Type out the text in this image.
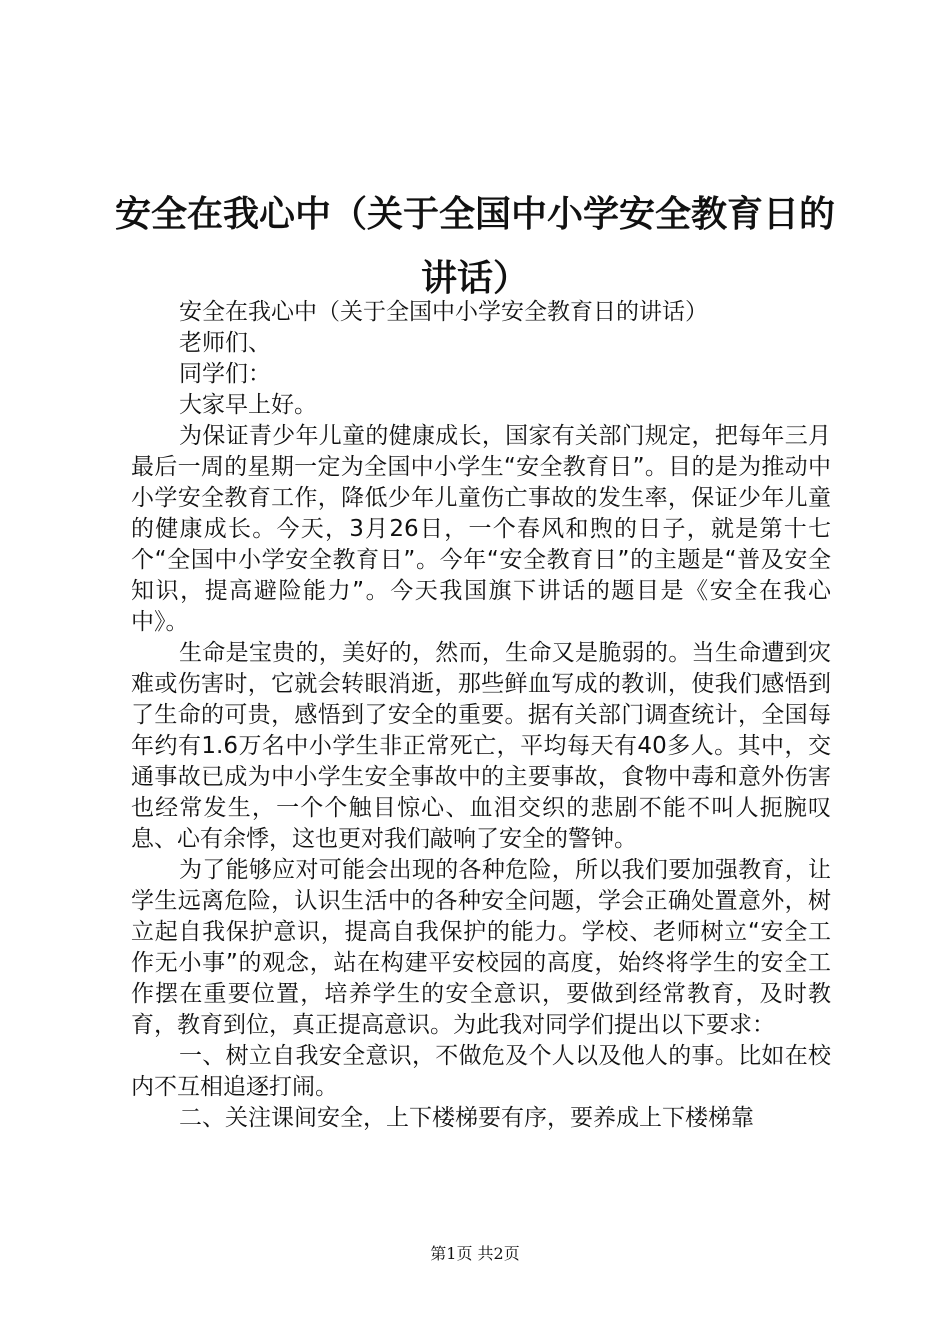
安全在我心中（关于全国中小学安全教育日的讲话）

安全在我心中（关于全国中小学安全教育日的讲话）

老师们、

同学们：

大家早上好。

为保证青少年儿童的健康成长，国家有关部门规定，把每年三月最后一周的星期一定为全国中小学生“安全教育日”。目的是为推动中小学安全教育工作，降低少年儿童伤亡事故的发生率，保证少年儿童的健康成长。今天，3月26日，一个春风和煦的日子，就是第十七个“全国中小学安全教育日”。今年“安全教育日”的主题是“普及安全知识，提高避险能力”。今天我国旗下讲话的题目是《安全在我心中》。

生命是宝贵的，美好的，然而，生命又是脆弱的。当生命遭到灾难或伤害时，它就会转眼消逝，那些鲜血写成的教训，使我们感悟到了生命的可贵，感悟到了安全的重要。据有关部门调查统计，全国每年约有1.6万名中小学生非正常死亡，平均每天有40多人。其中，交通事故已成为中小学生安全事故中的主要事故，食物中毒和意外伤害也经常发生，一个个触目惊心、血泪交织的悲剧不能不叫人扼腕叹息、心有余悸，这也更对我们敲响了安全的警钟。

为了能够应对可能会出现的各种危险，所以我们要加强教育，让学生远离危险，认识生活中的各种安全问题，学会正确处置意外，树立起自我保护意识，提高自我保护的能力。学校、老师树立“安全工作无小事”的观念，站在构建平安校园的高度，始终将学生的安全工作摆在重要位置，培养学生的安全意识，要做到经常教育，及时教育，教育到位，真正提高意识。为此我对同学们提出以下要求：

一、树立自我安全意识，不做危及个人以及他人的事。比如在校内不互相追逐打闹。

二、关注课间安全，上下楼梯要有序，要养成上下楼梯靠

第1页 共2页
